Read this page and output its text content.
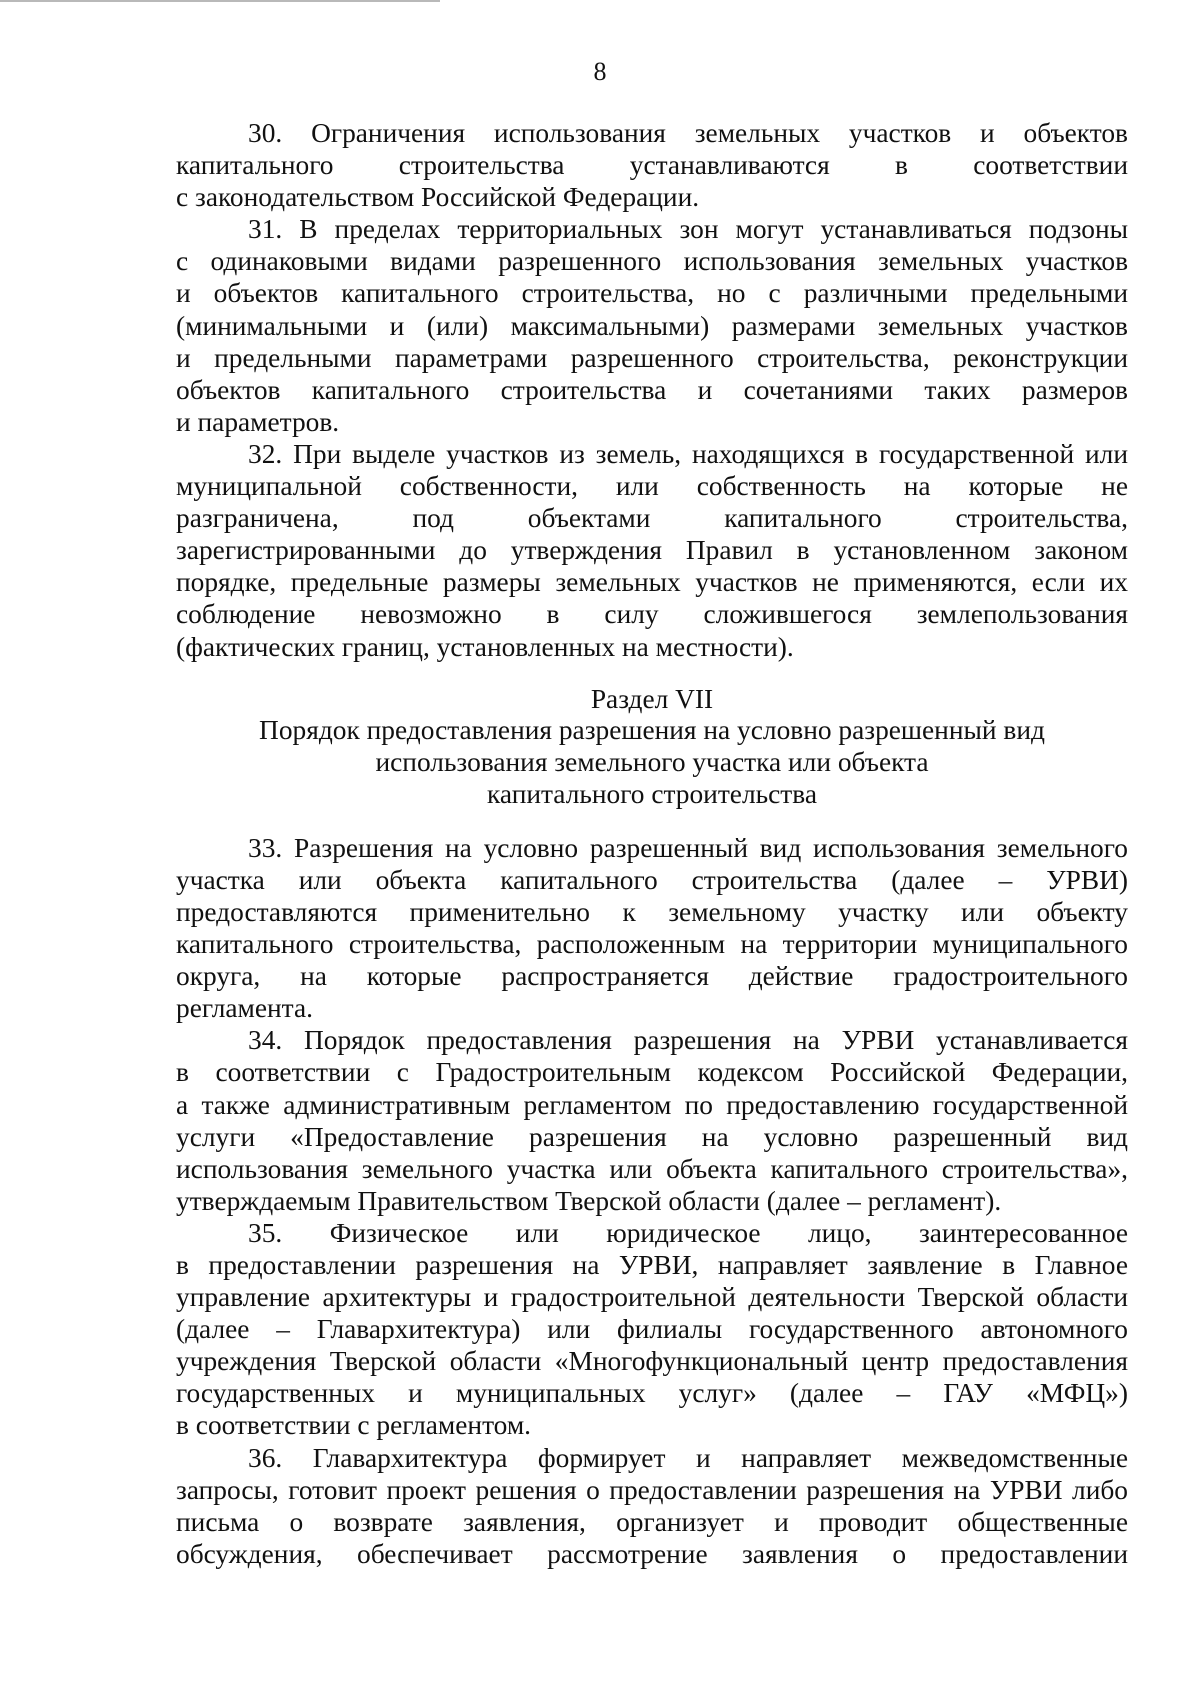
8
30. Ограничения использования земельных участков и объектов
капитального строительства устанавливаются в соответствии
с законодательством Российской Федерации.
31. В пределах территориальных зон могут устанавливаться подзоны
с одинаковыми видами разрешенного использования земельных участков
и объектов капитального строительства, но с различными предельными
(минимальными и (или) максимальными) размерами земельных участков
и предельными параметрами разрешенного строительства, реконструкции
объектов капитального строительства и сочетаниями таких размеров
и параметров.
32. При выделе участков из земель, находящихся в государственной или
муниципальной собственности, или собственность на которые не
разграничена, под объектами капитального строительства,
зарегистрированными до утверждения Правил в установленном законом
порядке, предельные размеры земельных участков не применяются, если их
соблюдение невозможно в силу сложившегося землепользования
(фактических границ, установленных на местности).
Раздел VII
Порядок предоставления разрешения на условно разрешенный вид
использования земельного участка или объекта
капитального строительства
33. Разрешения на условно разрешенный вид использования земельного
участка или объекта капитального строительства (далее – УРВИ)
предоставляются применительно к земельному участку или объекту
капитального строительства, расположенным на территории муниципального
округа, на которые распространяется действие градостроительного
регламента.
34. Порядок предоставления разрешения на УРВИ устанавливается
в соответствии с Градостроительным кодексом Российской Федерации,
а также административным регламентом по предоставлению государственной
услуги «Предоставление разрешения на условно разрешенный вид
использования земельного участка или объекта капитального строительства»,
утверждаемым Правительством Тверской области (далее – регламент).
35. Физическое или юридическое лицо, заинтересованное
в предоставлении разрешения на УРВИ, направляет заявление в Главное
управление архитектуры и градостроительной деятельности Тверской области
(далее – Главархитектура) или филиалы государственного автономного
учреждения Тверской области «Многофункциональный центр предоставления
государственных и муниципальных услуг» (далее – ГАУ «МФЦ»)
в соответствии с регламентом.
36. Главархитектура формирует и направляет межведомственные
запросы, готовит проект решения о предоставлении разрешения на УРВИ либо
письма о возврате заявления, организует и проводит общественные
обсуждения, обеспечивает рассмотрение заявления о предоставлении
